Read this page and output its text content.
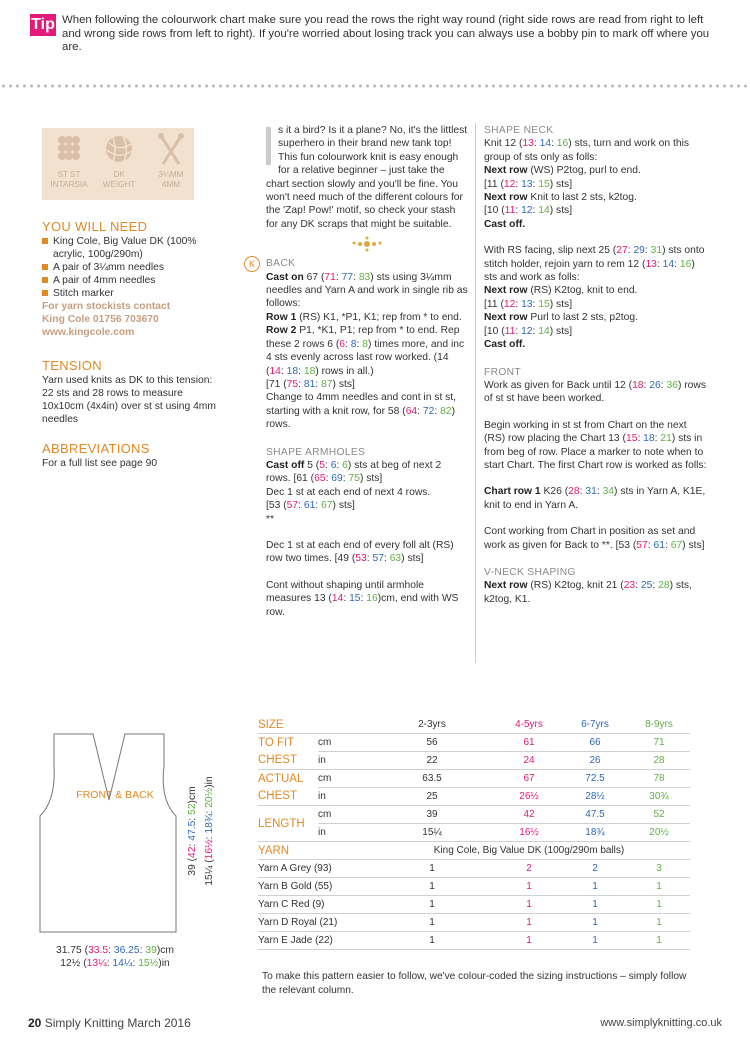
Tip When following the colourwork chart make sure you read the rows the right way round (right side rows are read from right to left and wrong side rows from left to right). If you're worried about losing track you can always use a bobby pin to mark off where you are.
ST ST
INTARSIA
DK
WEIGHT
3¼MM
4MM
YOU WILL NEED
King Cole, Big Value DK (100% acrylic, 100g/290m)
A pair of 3¼mm needles
A pair of 4mm needles
Stitch marker
For yarn stockists contact
King Cole 01756 703670
www.kingcole.com
TENSION
Yarn used knits as DK to this tension: 22 sts and 28 rows to measure 10x10cm (4x4in) over st st using 4mm needles
ABBREVIATIONS
For a full list see page 90

s it a bird? Is it a plane? No, it's the littlest superhero in their brand new tank top! This fun colourwork knit is easy enough for a relative beginner – just take the chart section slowly and you'll be fine. You won't need much of the different colours for the 'Zap! Pow!' motif, so check your stash for any DK scraps that might be suitable.

K	BACK

Cast on 67 (71: 77: 83) sts using 3¼mm needles and Yarn A and work in single rib as follows:

Row 1 (RS) K1, *P1, K1; rep from * to end.

Row 2 P1, *K1, P1; rep from * to end. Rep these 2 rows 6 (6: 8: 8) times more, and inc 4 sts evenly across last row worked. (14 (14: 18: 18) rows in all.)

[71 (75: 81: 87) sts]

Change to 4mm needles and cont in st st, starting with a knit row, for 58 (64: 72: 82) rows.

SHAPE ARMHOLES

Cast off 5 (5: 6: 6) sts at beg of next 2 rows. [61 (65: 69: 75) sts]

Dec 1 st at each end of next 4 rows.

[53 (57: 61: 67) sts]

**

Dec 1 st at each end of every foll alt (RS) row two times. [49 (53: 57: 63) sts]

Cont without shaping until armhole measures 13 (14: 15: 16)cm, end with WS row.

SHAPE NECK

Knit 12 (13: 14: 16) sts, turn and work on this group of sts only as folls:

Next row (WS) P2tog, purl to end.

[11 (12: 13: 15) sts]

Next row Knit to last 2 sts, k2tog.

[10 (11: 12: 14) sts]

Cast off.

With RS facing, slip next 25 (27: 29: 31) sts onto stitch holder, rejoin yarn to rem 12 (13: 14: 16) sts and work as folls:

Next row (RS) K2tog, knit to end.

[11 (12: 13: 15) sts]

Next row Purl to last 2 sts, p2tog.

[10 (11: 12: 14) sts]

Cast off.

FRONT

Work as given for Back until 12 (18: 26: 36) rows of st st have been worked.

Begin working in st st from Chart on the next (RS) row placing the Chart 13 (15: 18: 21) sts in from beg of row. Place a marker to note when to start Chart. The first Chart row is worked as folls:

Chart row 1 K26 (28: 31: 34) sts in Yarn A, K1E, knit to end in Yarn A.

Cont working from Chart in position as set and work as given for Back to **. [53 (57: 61: 67) sts]

V-NECK SHAPING

Next row (RS) K2tog, knit 21 (23: 25: 28) sts, k2tog, K1.

FRONT & BACK
39 (42: 47.5: 52)cm
15¼ (16½: 18¾: 20½)in
31.75 (33.5: 36.25: 39)cm
12½ (13¼: 14¼: 15½)in
SIZE		2-3yrs	4-5yrs	6-7yrs	8-9yrs
TO FIT	cm	56	61	66	71
CHEST	in	22	24	26	28
ACTUAL	cm	63.5	67	72.5	78
CHEST	in	25	26½	28½	30¾
LENGTH	cm	39	42	47.5	52
	in	15¼	16½	18¾	20½
YARN		King Cole, Big Value DK (100g/290m balls)			
Yarn A Grey (93)		1	2	2	3
Yarn B Gold (55)		1	1	1	1
Yarn C Red (9)		1	1	1	1
Yarn D Royal (21)		1	1	1	1
Yarn E Jade (22)		1	1	1	1
To make this pattern easier to follow, we've colour-coded the sizing instructions – simply follow the relevant column.
20 Simply Knitting March 2016	www.simplyknitting.co.uk
